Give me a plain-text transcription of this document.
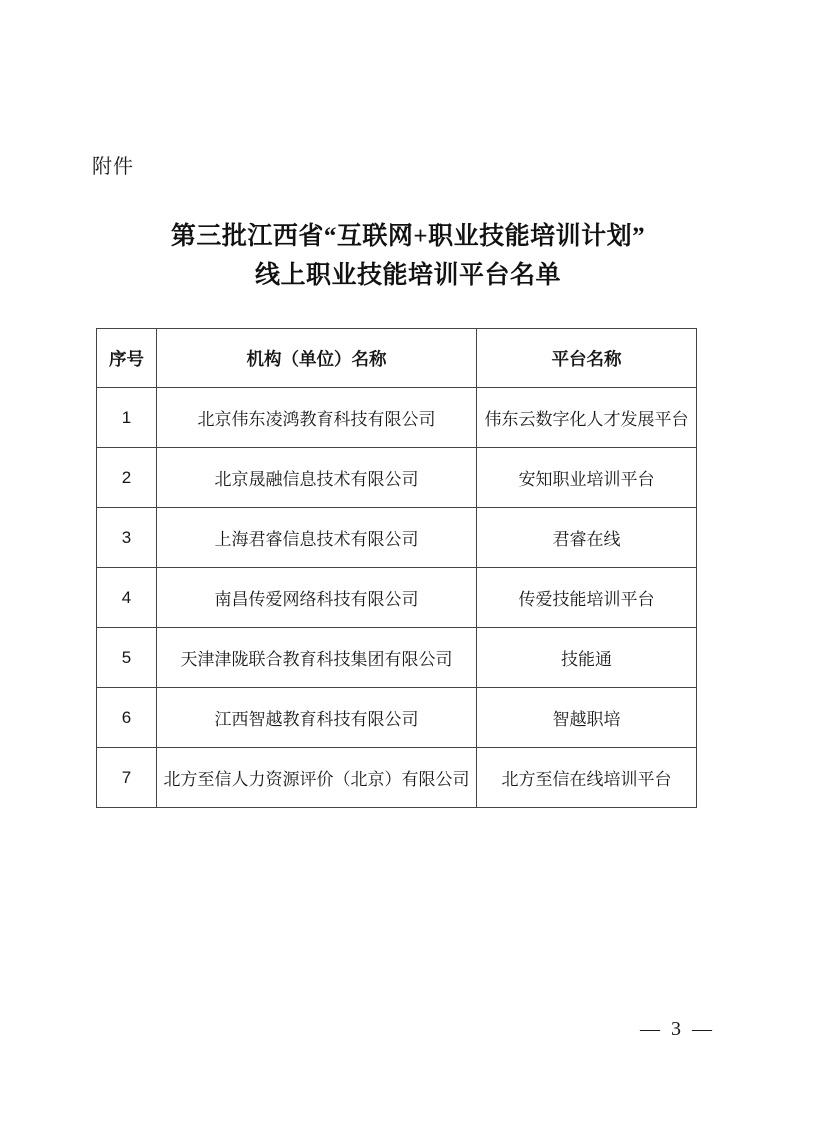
附件
第三批江西省“互联网+职业技能培训计划”
线上职业技能培训平台名单
序号	机构（单位）名称	平台名称
1	北京伟东凌鸿教育科技有限公司	伟东云数字化人才发展平台
2	北京晟融信息技术有限公司	安知职业培训平台
3	上海君睿信息技术有限公司	君睿在线
4	南昌传爱网络科技有限公司	传爱技能培训平台
5	天津津陇联合教育科技集团有限公司	技能通
6	江西智越教育科技有限公司	智越职培
7	北方至信人力资源评价（北京）有限公司	北方至信在线培训平台
— 3 —
